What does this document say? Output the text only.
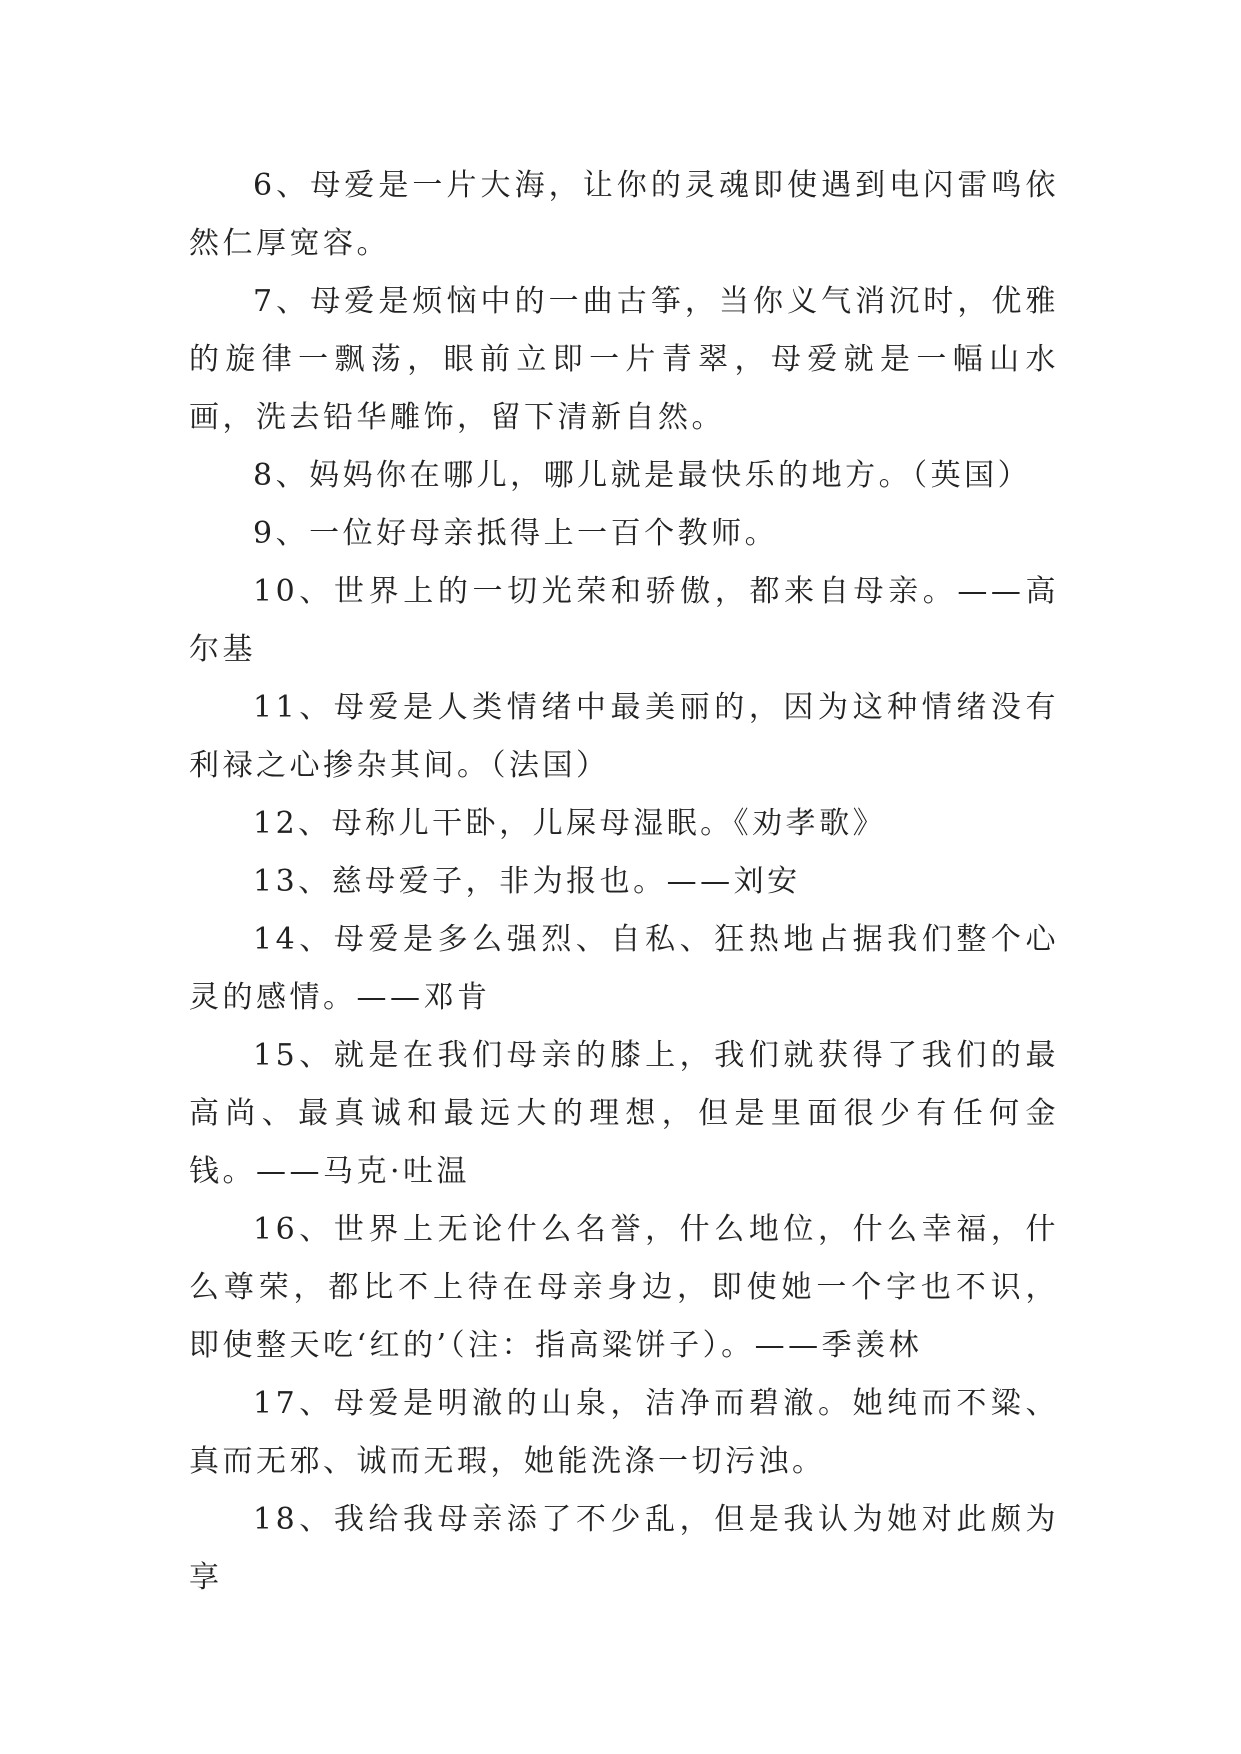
6、母爱是一片大海，让你的灵魂即使遇到电闪雷鸣依然仁厚宽容。

7、母爱是烦恼中的一曲古筝，当你义气消沉时，优雅的旋律一飘荡，眼前立即一片青翠，母爱就是一幅山水画，洗去铅华雕饰，留下清新自然。

8、妈妈你在哪儿，哪儿就是最快乐的地方。（英国）

9、一位好母亲抵得上一百个教师。

10、世界上的一切光荣和骄傲，都来自母亲。——高尔基

11、母爱是人类情绪中最美丽的，因为这种情绪没有利禄之心掺杂其间。（法国）

12、母称儿干卧，儿屎母湿眠。《劝孝歌》

13、慈母爱子，非为报也。——刘安

14、母爱是多么强烈、自私、狂热地占据我们整个心灵的感情。——邓肯

15、就是在我们母亲的膝上，我们就获得了我们的最高尚、最真诚和最远大的理想，但是里面很少有任何金钱。——马克·吐温

16、世界上无论什么名誉，什么地位，什么幸福，什么尊荣，都比不上待在母亲身边，即使她一个字也不识，即使整天吃‘红的’（注：指高粱饼子）。——季羡林

17、母爱是明澈的山泉，洁净而碧澈。她纯而不粱、真而无邪、诚而无瑕，她能洗涤一切污浊。

18、我给我母亲添了不少乱，但是我认为她对此颇为享
